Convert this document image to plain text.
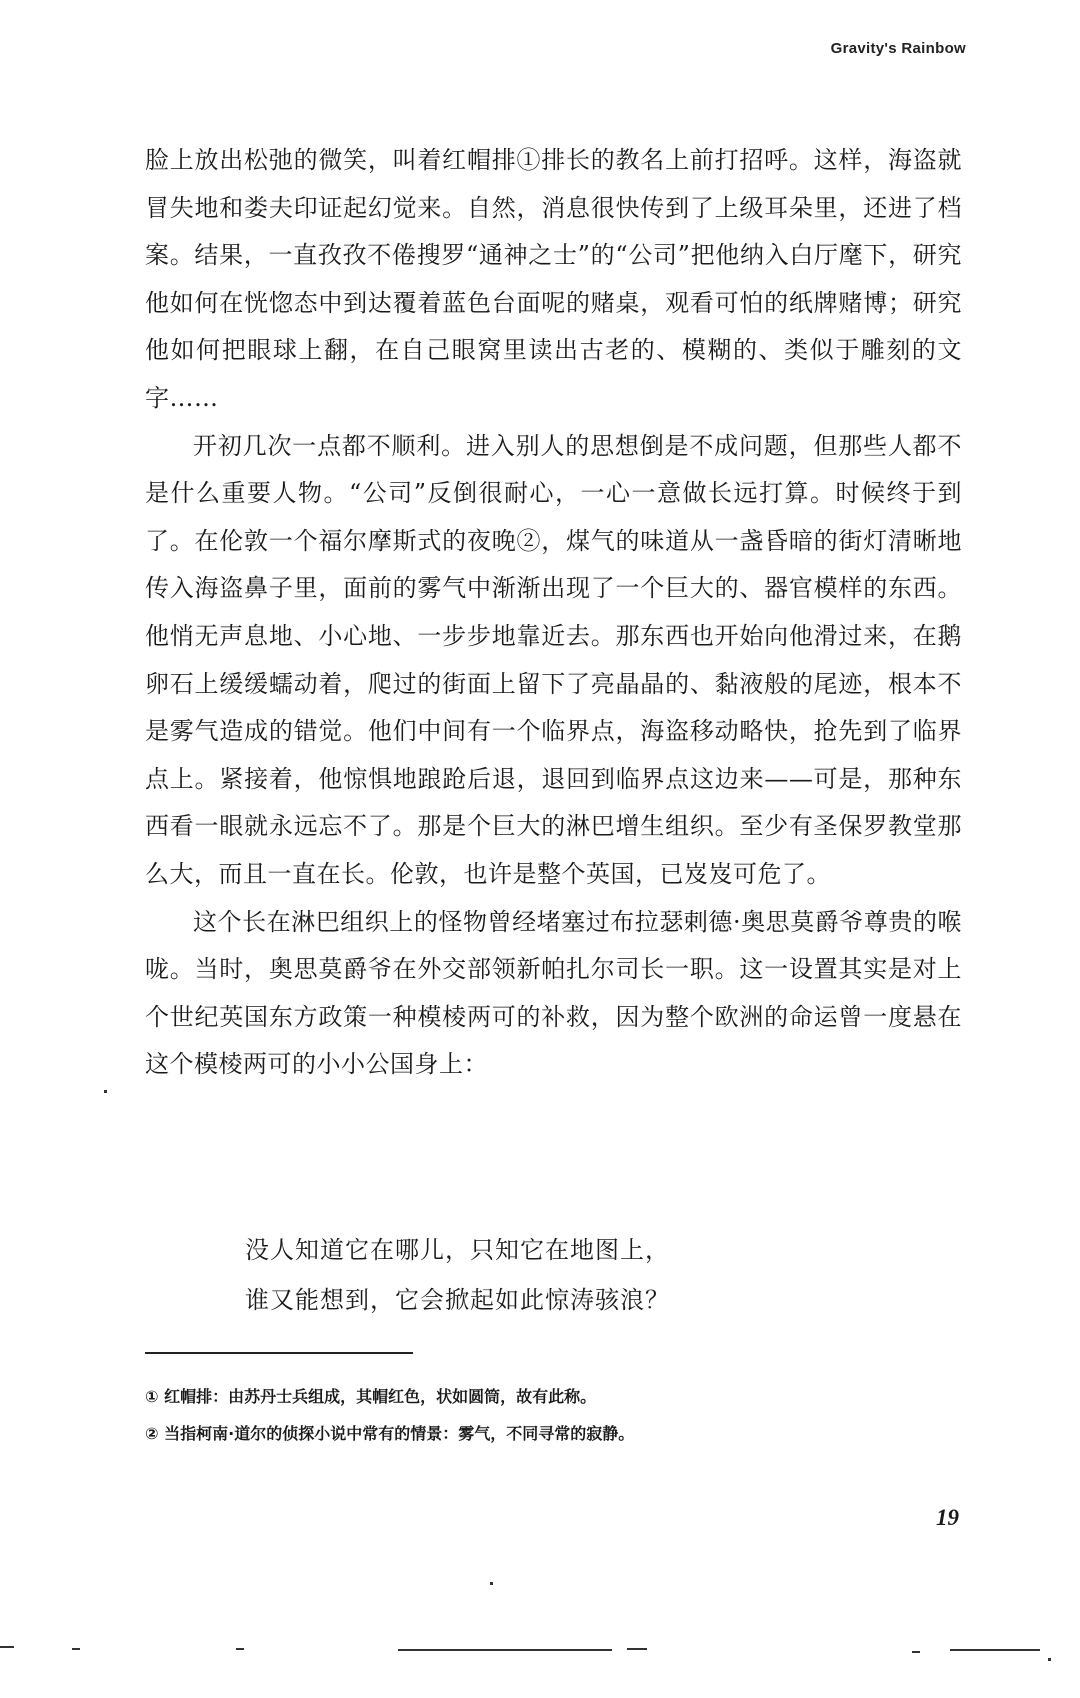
Gravity's Rainbow

脸上放出松弛的微笑，叫着红帽排①排长的教名上前打招呼。这样，海盗就冒失地和娄夫印证起幻觉来。自然，消息很快传到了上级耳朵里，还进了档案。结果，一直孜孜不倦搜罗“通神之士”的“公司”把他纳入白厅麾下，研究他如何在恍惚态中到达覆着蓝色台面呢的赌桌，观看可怕的纸牌赌博；研究他如何把眼球上翻，在自己眼窝里读出古老的、模糊的、类似于雕刻的文字……

开初几次一点都不顺利。进入别人的思想倒是不成问题，但那些人都不是什么重要人物。“公司”反倒很耐心，一心一意做长远打算。时候终于到了。在伦敦一个福尔摩斯式的夜晚②，煤气的味道从一盏昏暗的街灯清晰地传入海盗鼻子里，面前的雾气中渐渐出现了一个巨大的、器官模样的东西。他悄无声息地、小心地、一步步地靠近去。那东西也开始向他滑过来，在鹅卵石上缓缓蠕动着，爬过的街面上留下了亮晶晶的、黏液般的尾迹，根本不是雾气造成的错觉。他们中间有一个临界点，海盗移动略快，抢先到了临界点上。紧接着，他惊惧地踉跄后退，退回到临界点这边来——可是，那种东西看一眼就永远忘不了。那是个巨大的淋巴增生组织。至少有圣保罗教堂那么大，而且一直在长。伦敦，也许是整个英国，已岌岌可危了。

这个长在淋巴组织上的怪物曾经堵塞过布拉瑟剌德·奥思莫爵爷尊贵的喉咙。当时，奥思莫爵爷在外交部领新帕扎尔司长一职。这一设置其实是对上个世纪英国东方政策一种模棱两可的补救，因为整个欧洲的命运曾一度悬在这个模棱两可的小小公国身上：

没人知道它在哪儿，只知它在地图上，
谁又能想到，它会掀起如此惊涛骇浪？
① 红帽排：由苏丹士兵组成，其帽红色，状如圆筒，故有此称。
② 当指柯南·道尔的侦探小说中常有的情景：雾气，不同寻常的寂静。
19
